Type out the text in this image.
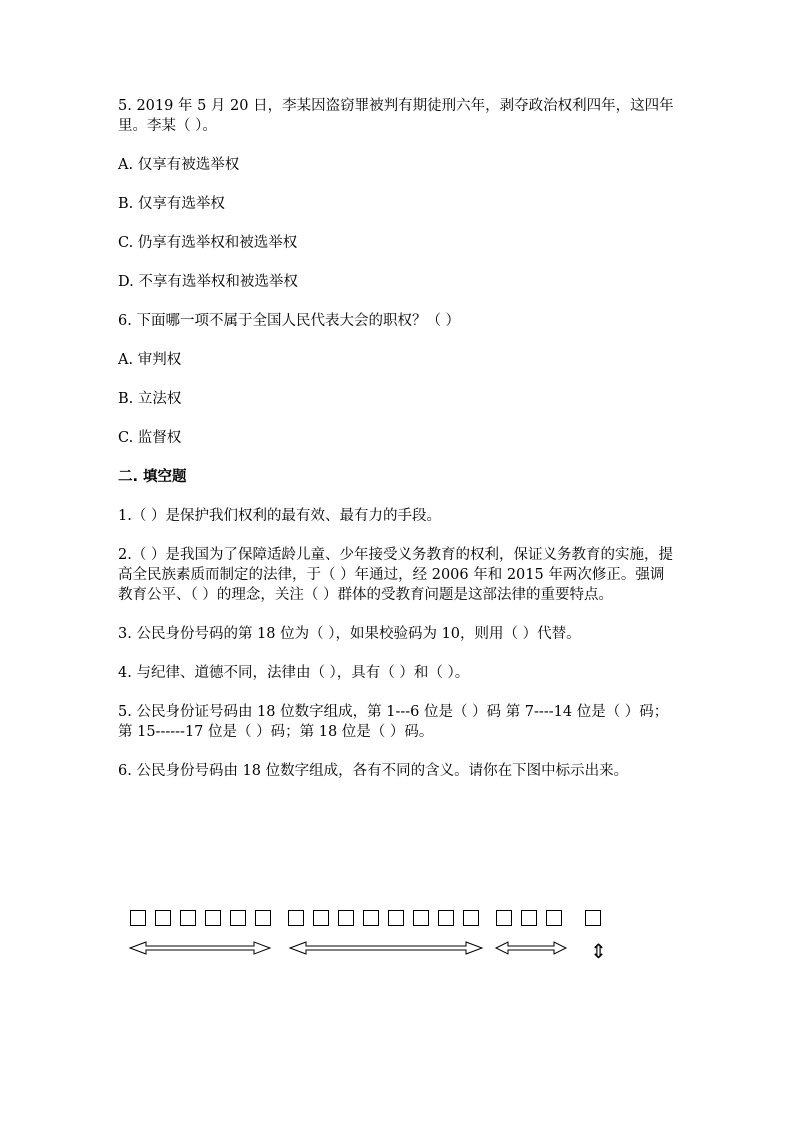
5. 2019 年 5 月 20 日，李某因盗窃罪被判有期徒刑六年，剥夺政治权利四年，这四年里。李某（ ）。
A. 仅享有被选举权
B. 仅享有选举权
C. 仍享有选举权和被选举权
D. 不享有选举权和被选举权
6. 下面哪一项不属于全国人民代表大会的职权？（ ）
A. 审判权
B. 立法权
C. 监督权
二. 填空题
1.（ ）是保护我们权利的最有效、最有力的手段。
2.（ ）是我国为了保障适龄儿童、少年接受义务教育的权利，保证义务教育的实施，提高全民族素质而制定的法律，于（ ）年通过，经 2006 年和 2015 年两次修正。强调教育公平、（ ）的理念，关注（ ）群体的受教育问题是这部法律的重要特点。
3. 公民身份号码的第 18 位为（ ），如果校验码为 10，则用（ ）代替。
4. 与纪律、道德不同，法律由（ ），具有（ ）和（ ）。
5. 公民身份证号码由 18 位数字组成，第 1---6 位是（ ）码 第 7----14 位是（ ）码；第 15------17 位是（ ）码；第 18 位是（ ）码。
6. 公民身份号码由 18 位数字组成，各有不同的含义。请你在下图中标示出来。
⇕
